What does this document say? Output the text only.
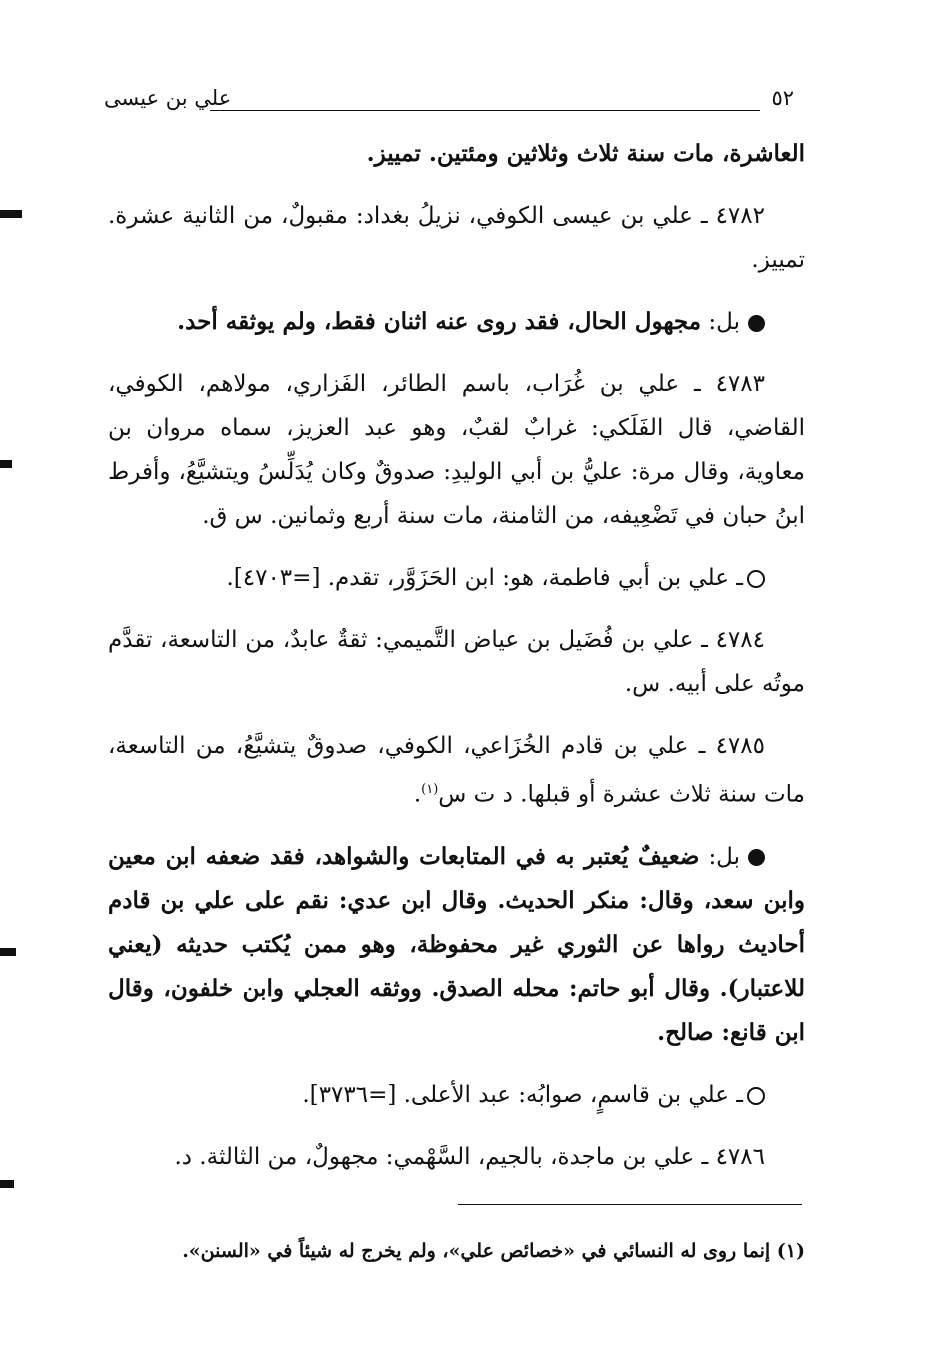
٥٢
علي بن عيسى

العاشرة، مات سنة ثلاث وثلاثين ومئتين. تمييز.

٤٧٨٢ ـ علي بن عيسى الكوفي، نزيلُ بغداد: مقبولٌ، من الثانية عشرة. تمييز.

بل: مجهول الحال، فقد روى عنه اثنان فقط، ولم يوثقه أحد.

٤٧٨٣ ـ علي بن غُرَاب، باسم الطائر، الفَزاري، مولاهم، الكوفي، القاضي، قال الفَلَكي: غرابٌ لقبٌ، وهو عبد العزيز، سماه مروان بن معاوية، وقال مرة: عليُّ بن أبي الوليدِ: صدوقٌ وكان يُدَلِّسُ ويتشيَّعُ، وأفرط ابنُ حبان في تَضْعِيفه، من الثامنة، مات سنة أربع وثمانين. س ق.

ـ علي بن أبي فاطمة، هو: ابن الحَزَوَّر، تقدم. [=٤٧٠٣].

٤٧٨٤ ـ علي بن فُضَيل بن عياض التَّميمي: ثقةٌ عابدٌ، من التاسعة، تقدَّم موتُه على أبيه. س.

٤٧٨٥ ـ علي بن قادم الخُزَاعي، الكوفي، صدوقٌ يتشيَّعُ، من التاسعة، مات سنة ثلاث عشرة أو قبلها. د ت س$^{(١)}$.

بل: ضعيفٌ يُعتبر به في المتابعات والشواهد، فقد ضعفه ابن معين وابن سعد، وقال: منكر الحديث. وقال ابن عدي: نقم على علي بن قادم أحاديث رواها عن الثوري غير محفوظة، وهو ممن يُكتب حديثه (يعني للاعتبار). وقال أبو حاتم: محله الصدق. ووثقه العجلي وابن خلفون، وقال ابن قانع: صالح.

ـ علي بن قاسمٍ، صوابُه: عبد الأعلى. [=٣٧٣٦].

٤٧٨٦ ـ علي بن ماجدة، بالجيم، السَّهْمي: مجهولٌ، من الثالثة. د.

(١) إنما روى له النسائي في «خصائص علي»، ولم يخرج له شيئاً في «السنن».
